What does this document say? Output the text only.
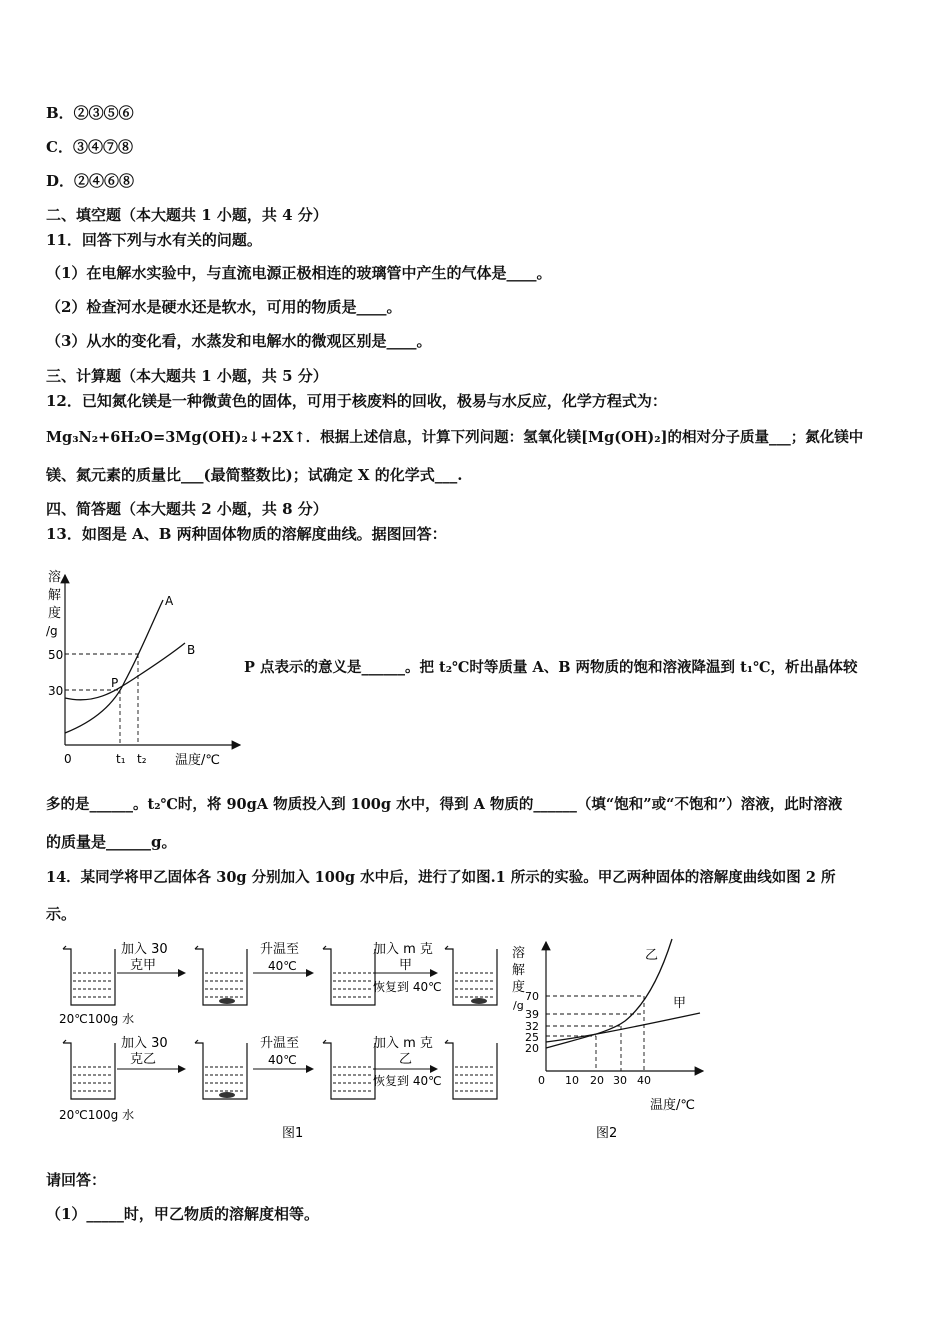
B．②③⑤⑥
C．③④⑦⑧
D．②④⑥⑧
二、填空题（本大题共 1 小题，共 4 分）
11．回答下列与水有关的问题。
（1）在电解水实验中，与直流电源正极相连的玻璃管中产生的气体是____。
（2）检查河水是硬水还是软水，可用的物质是____。
（3）从水的变化看，水蒸发和电解水的微观区别是____。
三、计算题（本大题共 1 小题，共 5 分）
12．已知氮化镁是一种微黄色的固体，可用于核废料的回收，极易与水反应，化学方程式为：
Mg₃N₂+6H₂O=3Mg(OH)₂↓+2X↑．根据上述信息，计算下列问题：氢氧化镁[Mg(OH)₂]的相对分子质量___；氮化镁中
镁、氮元素的质量比___(最简整数比)；试确定 X 的化学式___.
四、简答题（本大题共 2 小题，共 8 分）
13．如图是 A、B 两种固体物质的溶解度曲线。据图回答：
溶
解
度
/g
50
30
0	t₁ t₂ 温度/℃
A
B
P
P 点表示的意义是______。把 t₂℃时等质量 A、B 两物质的饱和溶液降温到 t₁℃，析出晶体较
多的是______。t₂℃时，将 90gA 物质投入到 100g 水中，得到 A 物质的______（填“饱和”或“不饱和”）溶液，此时溶液
的质量是______g。
14．某同学将甲乙固体各 30g 分别加入 100g 水中后，进行了如图.1 所示的实验。甲乙两种固体的溶解度曲线如图 2 所
示。
加入 30
克甲
升温至
40℃
加入 m 克
甲
恢复到 40℃
20℃100g 水
加入 30
克乙
升温至
40℃
加入 m 克
乙
恢复到 40℃
20℃100g 水
图1
溶
解
度
/g
70
39
32
25
20
0 10 20 30 40
温度/℃
乙
甲
图2
请回答：
（1）_____时，甲乙物质的溶解度相等。
